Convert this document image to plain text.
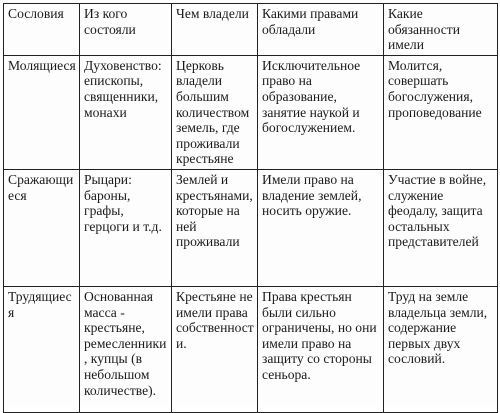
Сословия	Из кого состояли	Чем владели	Какими правами обладали	Какие обязанности имели
Молящиеся	Духовенство: епископы, священники, монахи	Церковь владели большим количеством земель, где проживали крестьяне	Исключительное право на образование, занятие наукой и богослужением.	Молится, совершать богослужения, проповедование
Сражающиеся	Рыцари: бароны, графы, герцоги и т.д.	Землей и крестьянами, которые на ней проживали	Имели право на владение землей, носить оружие.	Участие в войне, служение феодалу, защита остальных представителей
Трудящиеся	Основанная масса - крестьяне, ремесленники, купцы (в небольшом количестве).	Крестьяне не имели права собственности.	Права крестьян были сильно ограничены, но они имели право на защиту со стороны сеньора.	Труд на земле владельца земли, содержание первых двух сословий.
